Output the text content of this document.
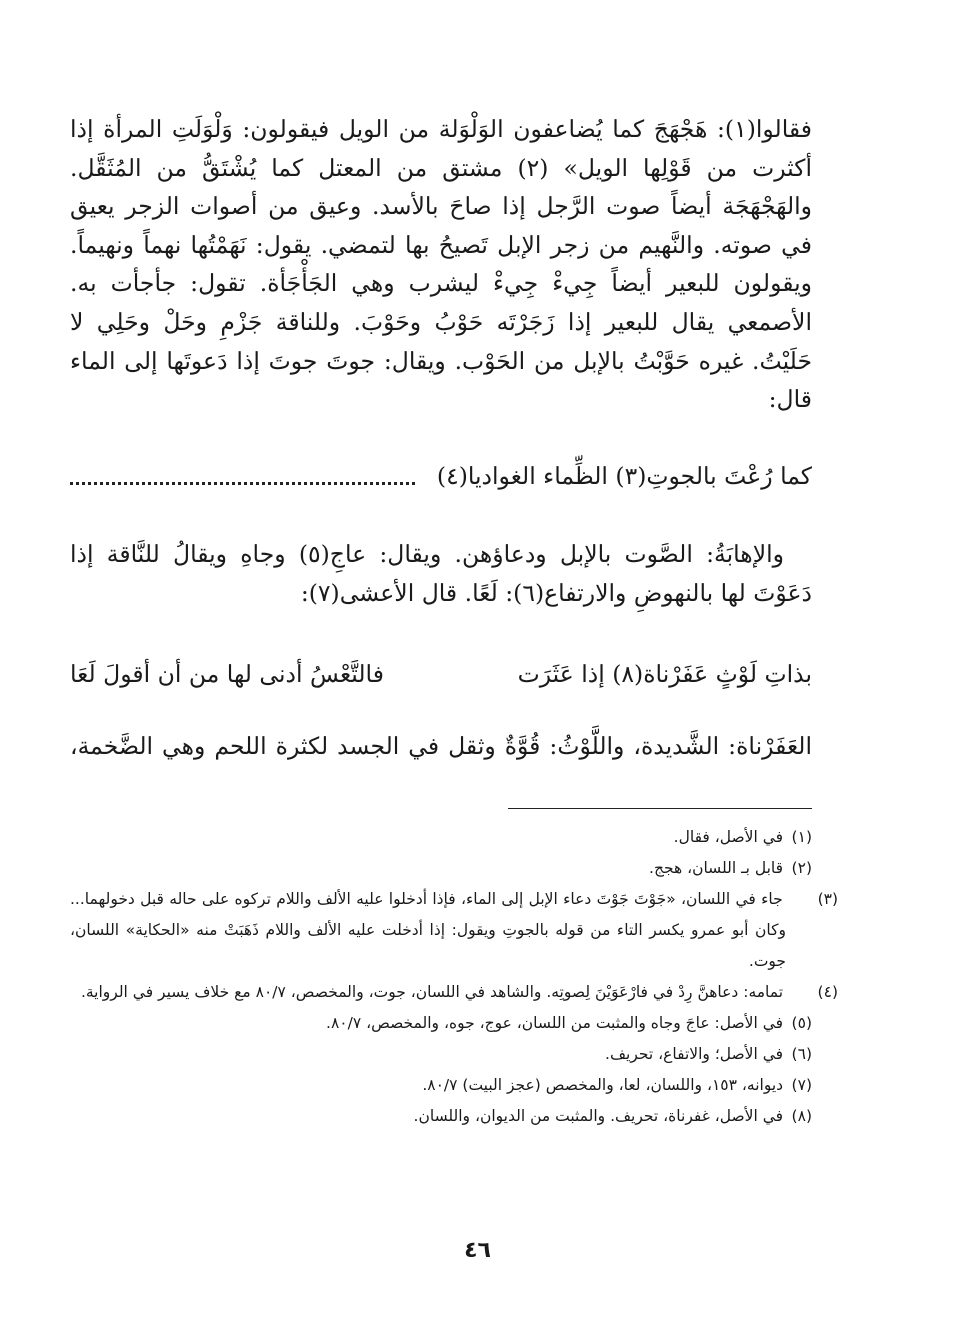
فقالوا(١): هَجْهَجَ كما يُضاعفون الوَلْوَلة من الويل فيقولون: وَلْوَلَتِ المرأة إذا أكثرت من قَوْلِها الويل» (٢) مشتق من المعتل كما يُشْتَقُّ من المُثَقَّل. والهَجْهَجَة أيضاً صوت الرَّجل إذا صاحَ بالأسد. وعيق من أصوات الزجر يعيق في صوته. والنَّهيم من زجر الإبل تَصيحُ بها لتمضي. يقول: نَهَمْتُها نهماً ونهيماً. ويقولون للبعير أيضاً جِيءْ جِيءْ ليشرب وهي الجَأْجَأة. تقول: جأجأت به. الأصمعي يقال للبعير إذا زَجَرْتَه حَوْبُ وحَوْبَ. وللناقة جَزْمِ وحَلْ وحَلِي لا حَلَيْتُ. غيره حَوَّبْتُ بالإبل من الحَوْب. ويقال: جوتَ جوتَ إذا دَعوتَها إلى الماء قال:

كما رُعْتَ بالجوتِ(٣) الظِّماء الغواديا(٤)

والإهابَةُ: الصَّوت بالإبل ودعاؤهن. ويقال: عاجِ(٥) وجاهِ ويقالُ للنَّاقة إذا دَعَوْتَ لها بالنهوضِ والارتفاع(٦): لَعًا. قال الأعشى(٧):

بذاتِ لَوْثٍ عَفَرْناة(٨) إذا عَثَرَت
فالتَّعْسُ أدنى لها من أن أقولَ لَعَا
العَفَرْناة: الشَّديدة، واللَّوْثُ: قُوَّةٌ وثقل في الجسد لكثرة اللحم وهي الضَّخمة،

(١) في الأصل، فقال.

(٢) قابل بـ اللسان، هجج.

(٣) جاء في اللسان، «جَوْتَ جَوْتَ دعاء الإبل إلى الماء، فإذا أدخلوا عليه الألف واللام تركوه على حاله قبل دخولهما... وكان أبو عمرو يكسر التاء من قوله بالجوتِ ويقول: إذا أدخلت عليه الألف واللام ذَهَبَتْ منه «الحكاية» اللسان، جوت.

(٤) تمامه: دعاهنَّ رِدْ في فارْعَوَيْنَ لِصوتِه. والشاهد في اللسان، جوت، والمخصص، ٨٠/٧ مع خلاف يسير في الرواية.

(٥) في الأصل: عاجَ وجاه والمثبت من اللسان، عوج، جوه، والمخصص، ٨٠/٧.

(٦) في الأصل؛ والاتفاع، تحريف.

(٧) ديوانه، ١٥٣، واللسان، لعا، والمخصص (عجز البيت) ٨٠/٧.

(٨) في الأصل، غفرناة، تحريف. والمثبت من الديوان، واللسان.

٤٦
